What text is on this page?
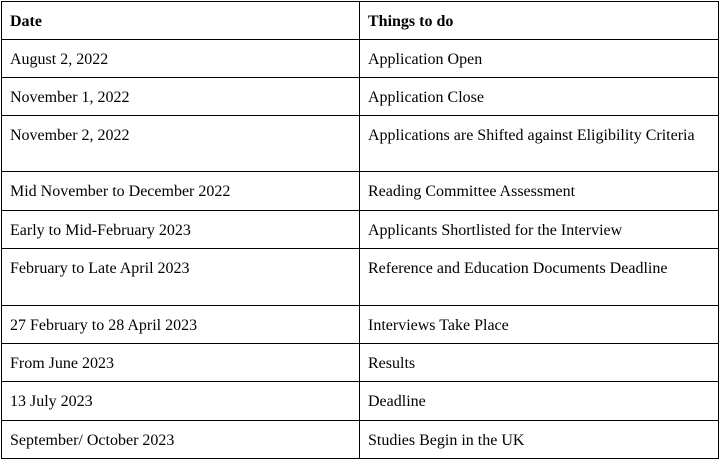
Date	Things to do
August 2, 2022	Application Open
November 1, 2022	Application Close
November 2, 2022	Applications are Shifted against Eligibility Criteria
Mid November to December 2022	Reading Committee Assessment
Early to Mid-February 2023	Applicants Shortlisted for the Interview
February to Late April 2023	Reference and Education Documents Deadline
27 February to 28 April 2023	Interviews Take Place
From June 2023	Results
13 July 2023	Deadline
September/ October 2023	Studies Begin in the UK
